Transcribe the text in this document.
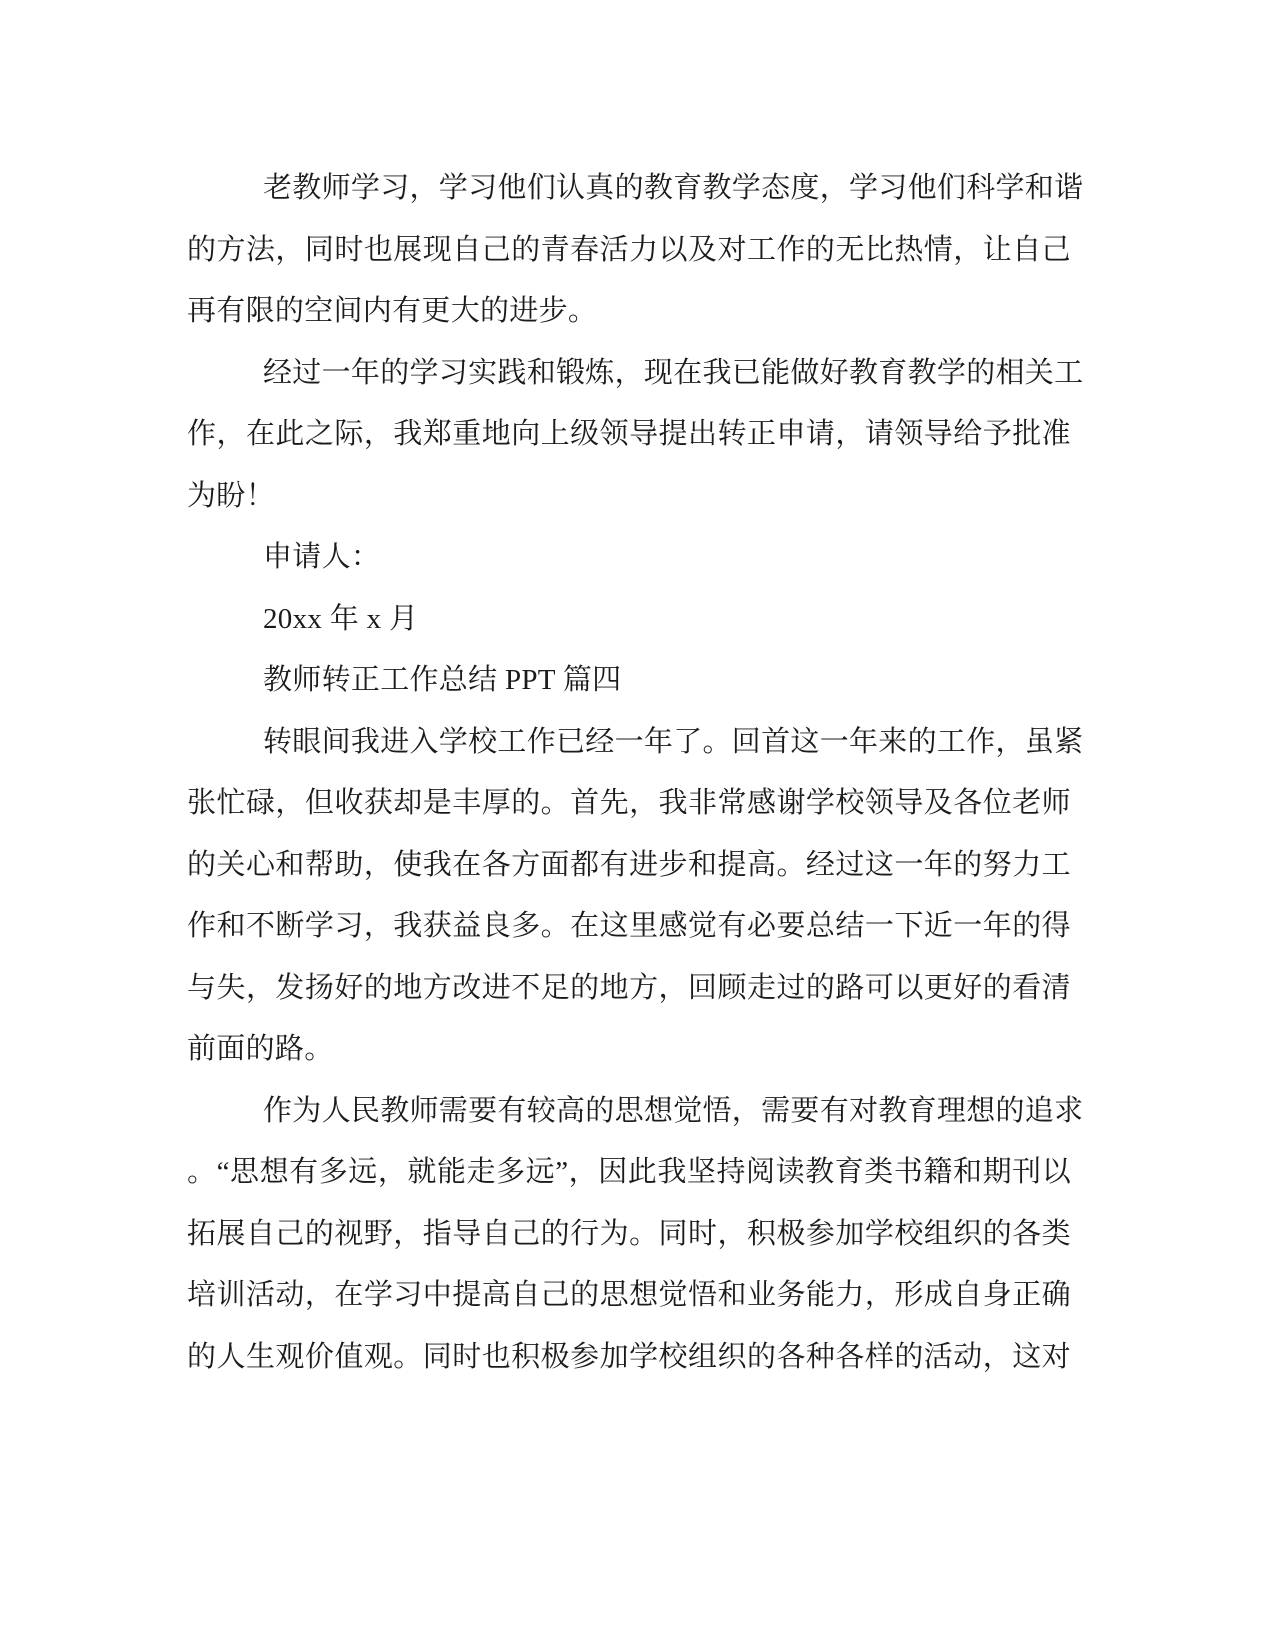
老教师学习，学习他们认真的教育教学态度，学习他们科学和谐
的方法，同时也展现自己的青春活力以及对工作的无比热情，让自己
再有限的空间内有更大的进步。
经过一年的学习实践和锻炼，现在我已能做好教育教学的相关工
作，在此之际，我郑重地向上级领导提出转正申请，请领导给予批准
为盼！
申请人：
20xx 年 x 月
教师转正工作总结 PPT 篇四
转眼间我进入学校工作已经一年了。回首这一年来的工作，虽紧
张忙碌，但收获却是丰厚的。首先，我非常感谢学校领导及各位老师
的关心和帮助，使我在各方面都有进步和提高。经过这一年的努力工
作和不断学习，我获益良多。在这里感觉有必要总结一下近一年的得
与失，发扬好的地方改进不足的地方，回顾走过的路可以更好的看清
前面的路。
作为人民教师需要有较高的思想觉悟，需要有对教育理想的追求
。“思想有多远，就能走多远”，因此我坚持阅读教育类书籍和期刊以
拓展自己的视野，指导自己的行为。同时，积极参加学校组织的各类
培训活动，在学习中提高自己的思想觉悟和业务能力，形成自身正确
的人生观价值观。同时也积极参加学校组织的各种各样的活动，这对
